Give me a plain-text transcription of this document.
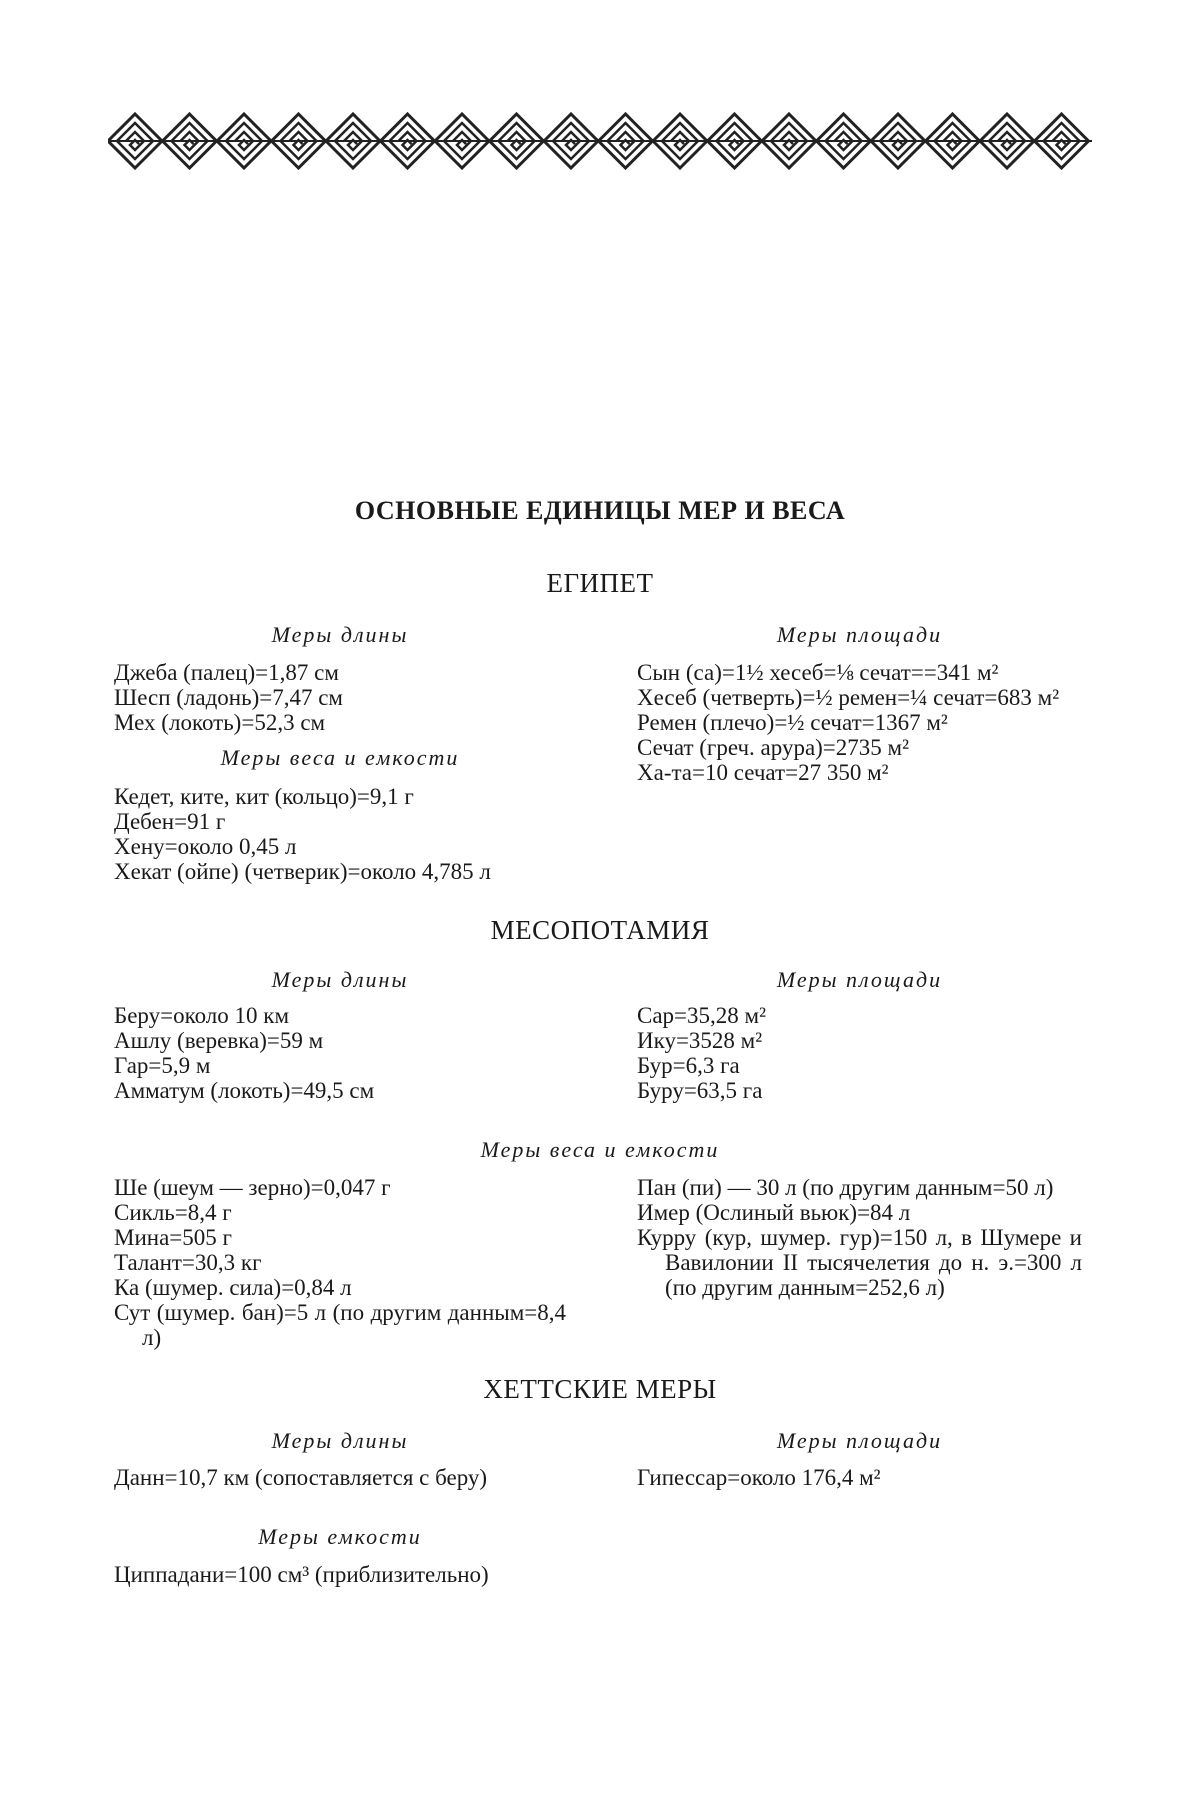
ОСНОВНЫЕ ЕДИНИЦЫ МЕР И ВЕСА
ЕГИПЕТ
Меры длины

Джеба (палец)=1,87 см

Шесп (ладонь)=7,47 см

Мех (локоть)=52,3 см

Меры веса и емкости

Кедет, ките, кит (кольцо)=9,1 г

Дебен=91 г

Хену=около 0,45 л

Хекат (ойпе) (четверик)=около 4,785 л

Меры площади

Сын (са)=1½ хесеб=⅛ сечат==341 м²

Хесеб (четверть)=½ ремен=¼ сечат=683 м²

Ремен (плечо)=½ сечат=1367 м²

Сечат (греч. арура)=2735 м²

Ха-та=10 сечат=27 350 м²

МЕСОПОТАМИЯ
Меры длины

Беру=около 10 км

Ашлу (веревка)=59 м

Гар=5,9 м

Амматум (локоть)=49,5 см

Меры площади

Сар=35,28 м²

Ику=3528 м²

Бур=6,3 га

Буру=63,5 га

Меры веса и емкости

Ше (шеум — зерно)=0,047 г

Сикль=8,4 г

Мина=505 г

Талант=30,3 кг

Ка (шумер. сила)=0,84 л

Сут (шумер. бан)=5 л (по другим данным=8,4 л)

Пан (пи) — 30 л (по другим данным=50 л)

Имер (Ослиный вьюк)=84 л

Курру (кур, шумер. гур)=150 л, в Шумере и Вавилонии II тысячелетия до н. э.=300 л (по другим данным=252,6 л)

ХЕТТСКИЕ МЕРЫ
Меры длины

Данн=10,7 км (сопоставляется с беру)

Меры емкости

Циппадани=100 см³ (приблизительно)

Меры площади

Гипессар=около 176,4 м²
